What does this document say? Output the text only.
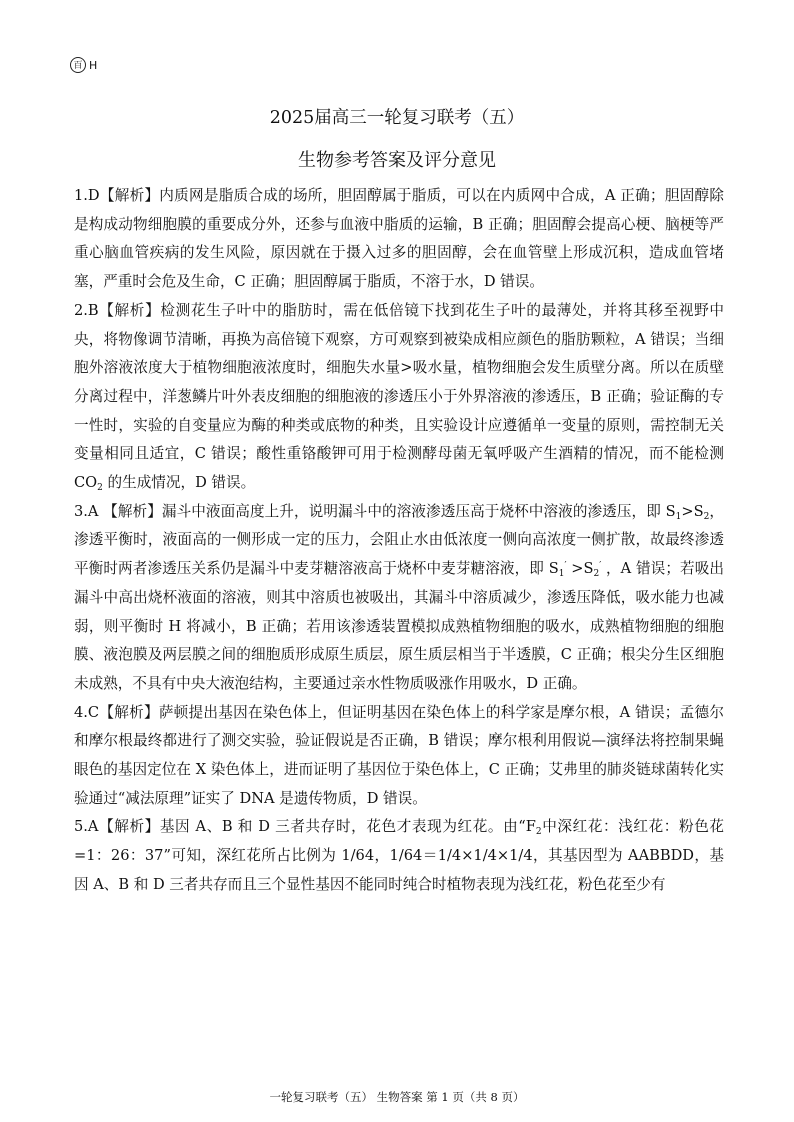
百 H
2025届高三一轮复习联考（五）
生物参考答案及评分意见

1.D【解析】内质网是脂质合成的场所，胆固醇属于脂质，可以在内质网中合成，A 正确；胆固醇除是构成动物细胞膜的重要成分外，还参与血液中脂质的运输，B 正确；胆固醇会提高心梗、脑梗等严重心脑血管疾病的发生风险，原因就在于摄入过多的胆固醇，会在血管壁上形成沉积，造成血管堵塞，严重时会危及生命，C 正确；胆固醇属于脂质，不溶于水，D 错误。

2.B【解析】检测花生子叶中的脂肪时，需在低倍镜下找到花生子叶的最薄处，并将其移至视野中央，将物像调节清晰，再换为高倍镜下观察，方可观察到被染成相应颜色的脂肪颗粒，A 错误；当细胞外溶液浓度大于植物细胞液浓度时，细胞失水量>吸水量，植物细胞会发生质壁分离。所以在质壁分离过程中，洋葱鳞片叶外表皮细胞的细胞液的渗透压小于外界溶液的渗透压，B 正确；验证酶的专一性时，实验的自变量应为酶的种类或底物的种类，且实验设计应遵循单一变量的原则，需控制无关变量相同且适宜，C 错误；酸性重铬酸钾可用于检测酵母菌无氧呼吸产生酒精的情况，而不能检测 $CO_2$ 的生成情况，D 错误。

3.A 【解析】漏斗中液面高度上升，说明漏斗中的溶液渗透压高于烧杯中溶液的渗透压，即 $S_1>S_2$，渗透平衡时，液面高的一侧形成一定的压力，会阻止水由低浓度一侧向高浓度一侧扩散，故最终渗透平衡时两者渗透压关系仍是漏斗中麦芽糖溶液高于烧杯中麦芽糖溶液，即 $S_1' >S_2'$ ，A 错误；若吸出漏斗中高出烧杯液面的溶液，则其中溶质也被吸出，其漏斗中溶质减少，渗透压降低，吸水能力也减弱，则平衡时 H 将减小，B 正确；若用该渗透装置模拟成熟植物细胞的吸水，成熟植物细胞的细胞膜、液泡膜及两层膜之间的细胞质形成原生质层，原生质层相当于半透膜，C 正确；根尖分生区细胞未成熟，不具有中央大液泡结构，主要通过亲水性物质吸涨作用吸水，D 正确。

4.C【解析】萨顿提出基因在染色体上，但证明基因在染色体上的科学家是摩尔根，A 错误；孟德尔和摩尔根最终都进行了测交实验，验证假说是否正确，B 错误；摩尔根利用假说—演绎法将控制果蝇眼色的基因定位在 X 染色体上，进而证明了基因位于染色体上，C 正确；艾弗里的肺炎链球菌转化实验通过“减法原理”证实了 DNA 是遗传物质，D 错误。

5.A【解析】基因 A、B 和 D 三者共存时，花色才表现为红花。由“$F_2$中深红花：浅红花：粉色花=1：26：37”可知，深红花所占比例为 1/64，1/64＝1/4×1/4×1/4，其基因型为 AABBDD，基因 A、B 和 D 三者共存而且三个显性基因不能同时纯合时植物表现为浅红花，粉色花至少有

一轮复习联考（五） 生物答案 第 1 页（共 8 页）
